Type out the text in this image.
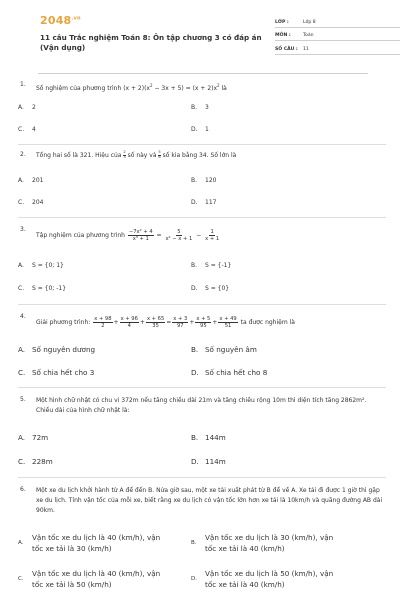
$2048^{.vn}$
11 câu Trắc nghiệm Toán 8: Ôn tập chương 3 có đáp án (Vận dụng)
LỚP :	Lớp 8
MÔN :	Toán
SỐ CÂU :	11
1.
Số nghiệm của phương trình $(x + 2)(x^2 - 3x + 5) = (x + 2)x^2$ là
A.	2	B.	3
C.	4	D.	1
2. Tổng hai số là 321. Hiệu của $\frac{2}{3}$ số này và $\frac{5}{6}$ số kia bằng 34. Số lớn là
A.	201	B.	120
C.	204	D.	117
3.
Tập nghiệm của phương trình $\frac{\text{−7x² + 4}}{\text{x³ + 1}} = \frac{5}{\text{x² − x + 1}} - \frac{1}{x + 1}$
A.	S = {0; 1}	B.	S = {-1}
C.	S = {0; -1}	D.	S = {0}
4.
Giải phương trình: $\frac{x + 98}{2} + \frac{x + 96}{4} + \frac{x + 65}{35} = \frac{x + 3}{97} + \frac{x + 5}{95} + \frac{x + 49}{51}$ ta được nghiệm là
A. Số nguyên dương	B. Số nguyên âm
C. Số chia hết cho 3	D. Số chia hết cho 8
5. Một hình chữ nhật có chu vi 372m nếu tăng chiều dài 21m và tăng chiều rộng 10m thì diện tích tăng 2862m². Chiều dài của hình chữ nhật là:
A. 72m	B. 144m
C. 228m	D. 114m
6. Một xe du lịch khởi hành từ A để đến B. Nửa giờ sau, một xe tải xuất phát từ B để về A. Xe tải đi được 1 giờ thì gặp xe du lịch. Tính vận tốc của mỗi xe, biết rằng xe du lịch có vận tốc lớn hơn xe tải là 10km/h và quãng đường AB dài 90km.
A.
Vận tốc xe du lịch là 40 (km/h), vận
tốc xe tải là 30 (km/h)
B.
Vận tốc xe du lịch là 30 (km/h), vận
tốc xe tải là 40 (km/h)
C.
Vận tốc xe du lịch là 40 (km/h), vận
tốc xe tải là 50 (km/h)
D.
Vận tốc xe du lịch là 50 (km/h), vận
tốc xe tải là 40 (km/h)
